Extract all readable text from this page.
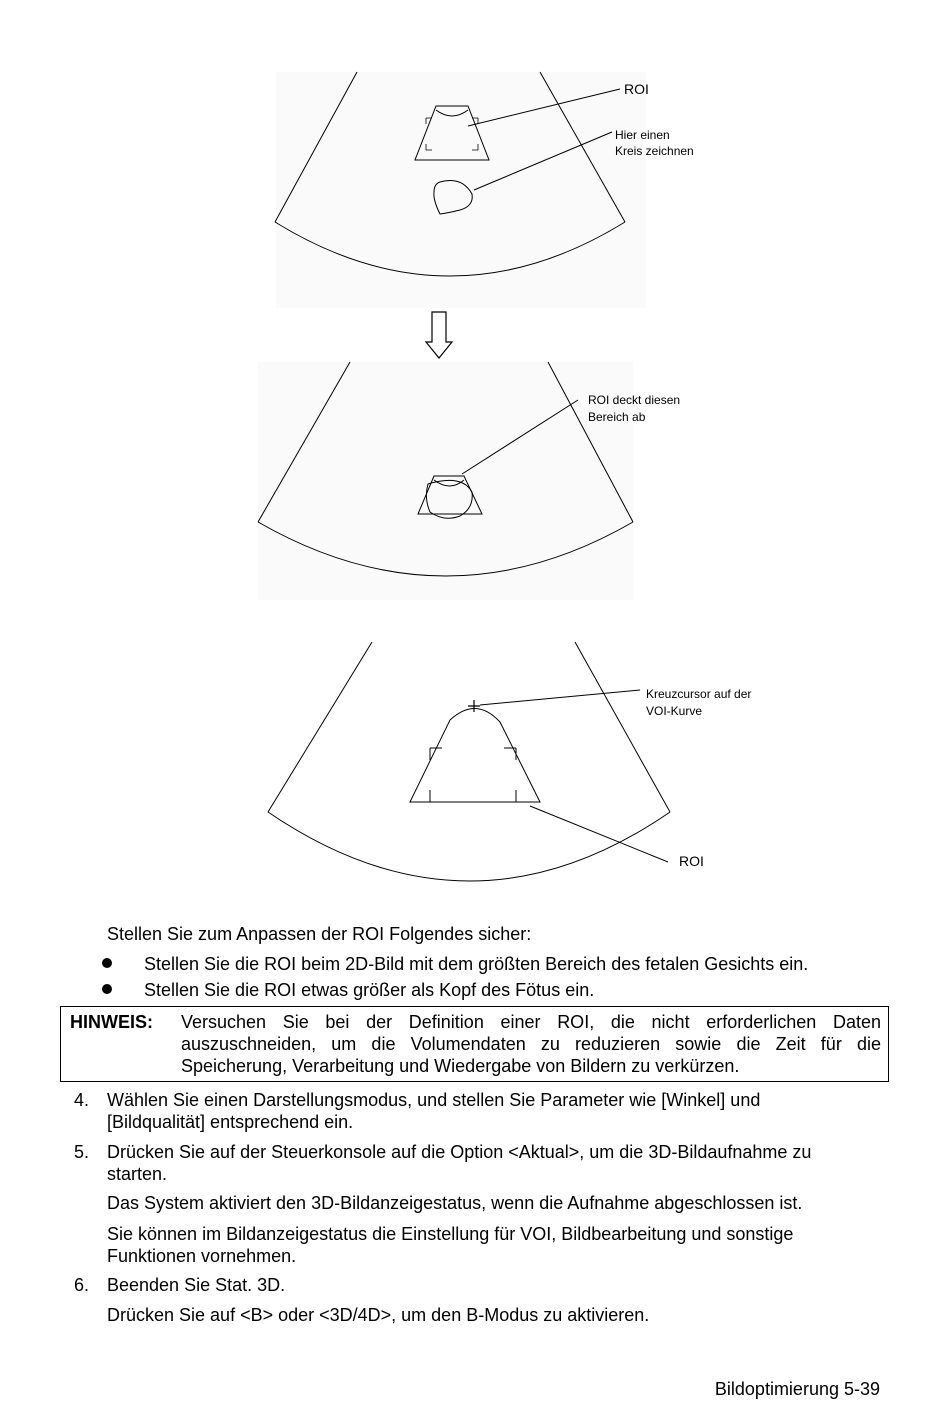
ROI
Hier einen
Kreis zeichnen
ROI deckt diesen
Bereich ab
Kreuzcursor auf der
VOI-Kurve
ROI
Stellen Sie zum Anpassen der ROI Folgendes sicher:
Stellen Sie die ROI beim 2D-Bild mit dem größten Bereich des fetalen Gesichts ein.
Stellen Sie die ROI etwas größer als Kopf des Fötus ein.
HINWEIS: Versuchen Sie bei der Definition einer ROI, die nicht erforderlichen Daten
auszuschneiden, um die Volumendaten zu reduzieren sowie die Zeit für die
Speicherung, Verarbeitung und Wiedergabe von Bildern zu verkürzen.
4. Wählen Sie einen Darstellungsmodus, und stellen Sie Parameter wie [Winkel] und
[Bildqualität] entsprechend ein.
5. Drücken Sie auf der Steuerkonsole auf die Option <Aktual>, um die 3D-Bildaufnahme zu
starten.
Das System aktiviert den 3D-Bildanzeigestatus, wenn die Aufnahme abgeschlossen ist.
Sie können im Bildanzeigestatus die Einstellung für VOI, Bildbearbeitung und sonstige
Funktionen vornehmen.
6. Beenden Sie Stat. 3D.
Drücken Sie auf <B> oder <3D/4D>, um den B-Modus zu aktivieren.
Bildoptimierung 5-39
